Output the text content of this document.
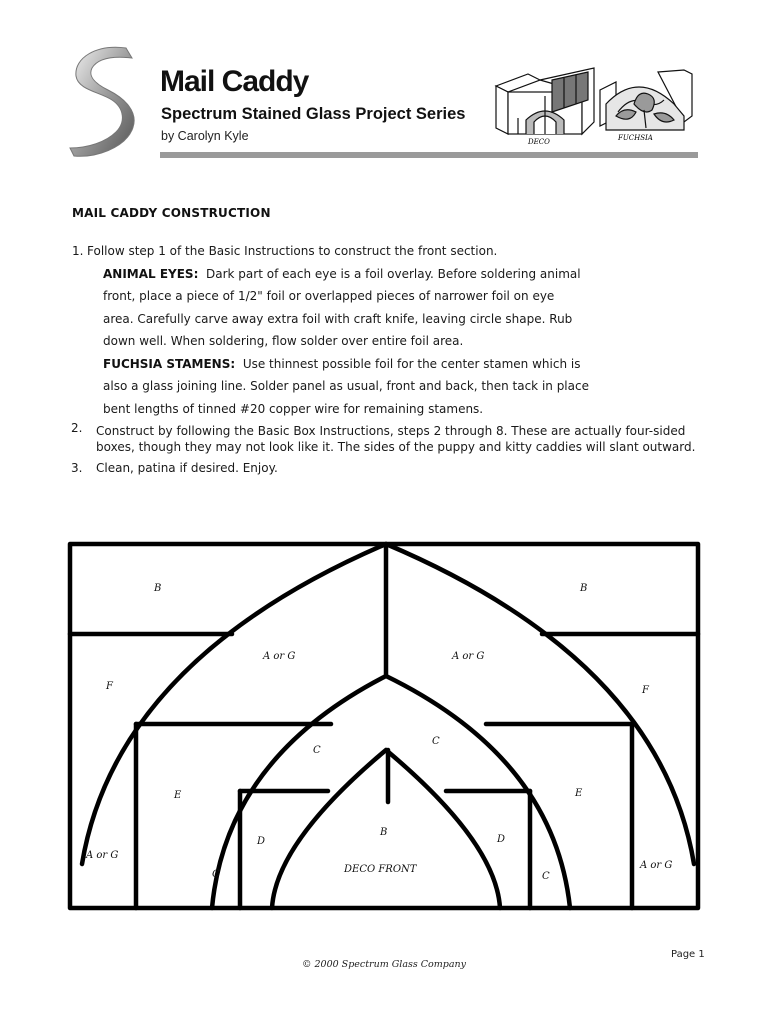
Mail Caddy
Spectrum Stained Glass Project Series

by Carolyn Kyle	DECO	FUCHSIA
MAIL CADDY CONSTRUCTION
1. Follow step 1 of the Basic Instructions to construct the front section.
ANIMAL EYES: Dark part of each eye is a foil overlay. Before soldering animal
front, place a piece of 1/2" foil or overlapped pieces of narrower foil on eye
area. Carefully carve away extra foil with craft knife, leaving circle shape. Rub
down well. When soldering, flow solder over entire foil area.
FUCHSIA STAMENS: Use thinnest possible foil for the center stamen which is
also a glass joining line. Solder panel as usual, front and back, then tack in place
bent lengths of tinned #20 copper wire for remaining stamens.
2.	Construct by following the Basic Box Instructions, steps 2 through 8. These are actually four-sided boxes, though they may not look like it. The sides of the puppy and kitty caddies will slant outward.
3. Clean, patina if desired. Enjoy.
B	B
A or G	A or G
F	F
C
C
E	E
D	D
B
DECO FRONT
A or G
A or G
C	C
© 2000 Spectrum Glass Company
Page 1
